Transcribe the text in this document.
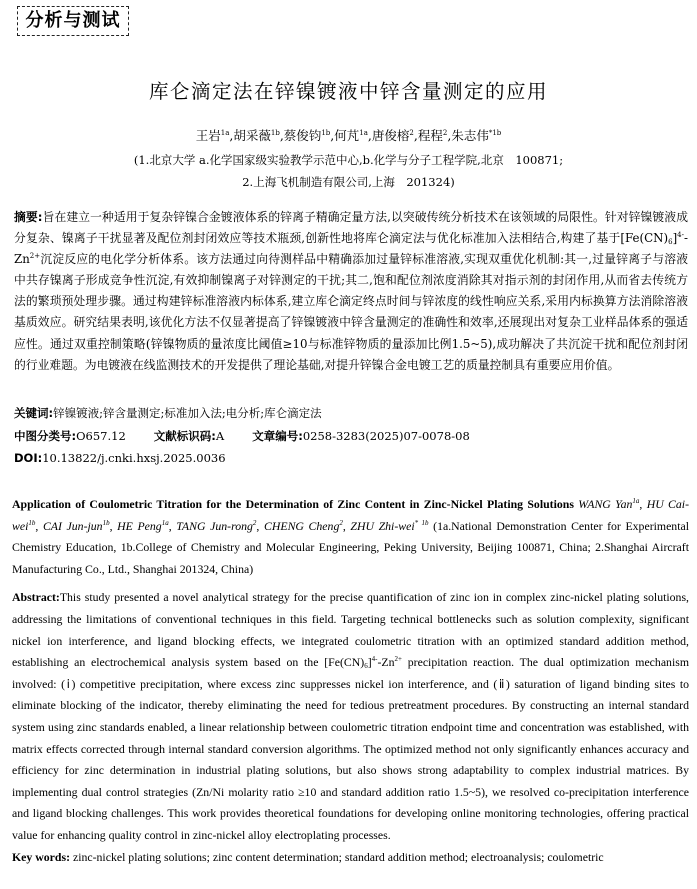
分析与测试
库仑滴定法在锌镍镀液中锌含量测定的应用
王岩$^{1a}$,胡采薇$^{1b}$,蔡俊钧$^{1b}$,何芃$^{1a}$,唐俊榕$^2$,程程$^2$,朱志伟$^{*1b}$
(1.北京大学 a.化学国家级实验教学示范中心,b.化学与分子工程学院,北京　100871;
2.上海飞机制造有限公司,上海　201324)
摘要:旨在建立一种适用于复杂锌镍合金镀液体系的锌离子精确定量方法,以突破传统分析技术在该领域的局限性。针对锌镍镀液成分复杂、镍离子干扰显著及配位剂封闭效应等技术瓶颈,创新性地将库仑滴定法与优化标准加入法相结合,构建了基于$[Fe(CN)_6]^{4-}-Zn^{2+}$沉淀反应的电化学分析体系。该方法通过向待测样品中精确添加过量锌标准溶液,实现双重优化机制:其一,过量锌离子与溶液中共存镍离子形成竞争性沉淀,有效抑制镍离子对锌测定的干扰;其二,饱和配位剂浓度消除其对指示剂的封闭作用,从而省去传统方法的繁琐预处理步骤。通过构建锌标准溶液内标体系,建立库仑滴定终点时间与锌浓度的线性响应关系,采用内标换算方法消除溶液基质效应。研究结果表明,该优化方法不仅显著提高了锌镍镀液中锌含量测定的准确性和效率,还展现出对复杂工业样品体系的强适应性。通过双重控制策略(锌镍物质的量浓度比阈值≥10与标准锌物质的量添加比例1.5~5),成功解决了共沉淀干扰和配位剂封闭的行业难题。为电镀液在线监测技术的开发提供了理论基础,对提升锌镍合金电镀工艺的质量控制具有重要应用价值。
关键词:锌镍镀液;锌含量测定;标准加入法;电分析;库仑滴定法
中图分类号:O657.12 文献标识码:A 文章编号:0258-3283(2025)07-0078-08
DOI:10.13822/j.cnki.hxsj.2025.0036

Application of Coulometric Titration for the Determination of Zinc Content in Zinc-Nickel Plating Solutions WANG Yan$^{1a}$, HU Cai-wei$^{1b}$, CAI Jun-jun$^{1b}$, HE Peng$^{1a}$, TANG Jun-rong$^2$, CHENG Cheng$^2$, ZHU Zhi-wei$^{* 1b}$ (1a.National Demonstration Center for Experimental Chemistry Education, 1b.College of Chemistry and Molecular Engineering, Peking University, Beijing 100871, China; 2.Shanghai Aircraft Manufacturing Co., Ltd., Shanghai 201324, China)

Abstract:This study presented a novel analytical strategy for the precise quantification of zinc ion in complex zinc-nickel plating solutions, addressing the limitations of conventional techniques in this field. Targeting technical bottlenecks such as solution complexity, significant nickel ion interference, and ligand blocking effects, we integrated coulometric titration with an optimized standard addition method, establishing an electrochemical analysis system based on the $[Fe(CN)_6]^{4-}-Zn^{2+}$ precipitation reaction. The dual optimization mechanism involved: (ⅰ) competitive precipitation, where excess zinc suppresses nickel ion interference, and (ⅱ) saturation of ligand binding sites to eliminate blocking of the indicator, thereby eliminating the need for tedious pretreatment procedures. By constructing an internal standard system using zinc standards enabled, a linear relationship between coulometric titration endpoint time and concentration was established, with matrix effects corrected through internal standard conversion algorithms. The optimized method not only significantly enhances accuracy and efficiency for zinc determination in industrial plating solutions, but also shows strong adaptability to complex industrial matrices. By implementing dual control strategies (Zn/Ni molarity ratio ≥10 and standard addition ratio 1.5~5), we resolved co-precipitation interference and ligand blocking challenges. This work provides theoretical foundations for developing online monitoring technologies, offering practical value for enhancing quality control in zinc-nickel alloy electroplating processes.

Key words: zinc-nickel plating solutions; zinc content determination; standard addition method; electroanalysis; coulometric
